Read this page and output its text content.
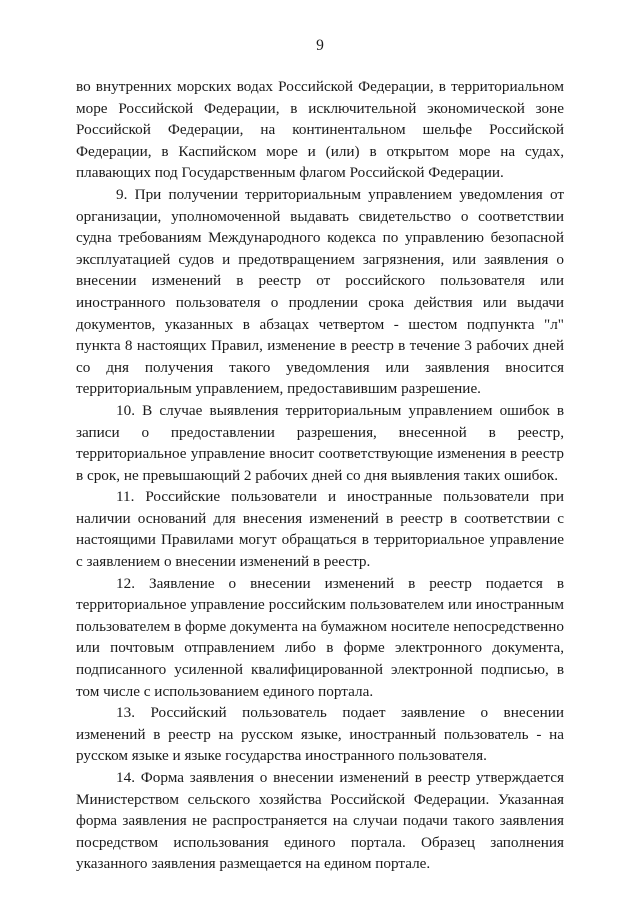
9

во внутренних морских водах Российской Федерации, в территориальном море Российской Федерации, в исключительной экономической зоне Российской Федерации, на континентальном шельфе Российской Федерации, в Каспийском море и (или) в открытом море на судах, плавающих под Государственным флагом Российской Федерации.

9. При получении территориальным управлением уведомления от организации, уполномоченной выдавать свидетельство о соответствии судна требованиям Международного кодекса по управлению безопасной эксплуатацией судов и предотвращением загрязнения, или заявления о внесении изменений в реестр от российского пользователя или иностранного пользователя о продлении срока действия или выдачи документов, указанных в абзацах четвертом - шестом подпункта "л" пункта 8 настоящих Правил, изменение в реестр в течение 3 рабочих дней со дня получения такого уведомления или заявления вносится территориальным управлением, предоставившим разрешение.

10. В случае выявления территориальным управлением ошибок в записи о предоставлении разрешения, внесенной в реестр, территориальное управление вносит соответствующие изменения в реестр в срок, не превышающий 2 рабочих дней со дня выявления таких ошибок.

11. Российские пользователи и иностранные пользователи при наличии оснований для внесения изменений в реестр в соответствии с настоящими Правилами могут обращаться в территориальное управление с заявлением о внесении изменений в реестр.

12. Заявление о внесении изменений в реестр подается в территориальное управление российским пользователем или иностранным пользователем в форме документа на бумажном носителе непосредственно или почтовым отправлением либо в форме электронного документа, подписанного усиленной квалифицированной электронной подписью, в том числе с использованием единого портала.

13. Российский пользователь подает заявление о внесении изменений в реестр на русском языке, иностранный пользователь - на русском языке и языке государства иностранного пользователя.

14. Форма заявления о внесении изменений в реестр утверждается Министерством сельского хозяйства Российской Федерации. Указанная форма заявления не распространяется на случаи подачи такого заявления посредством использования единого портала. Образец заполнения указанного заявления размещается на едином портале.
